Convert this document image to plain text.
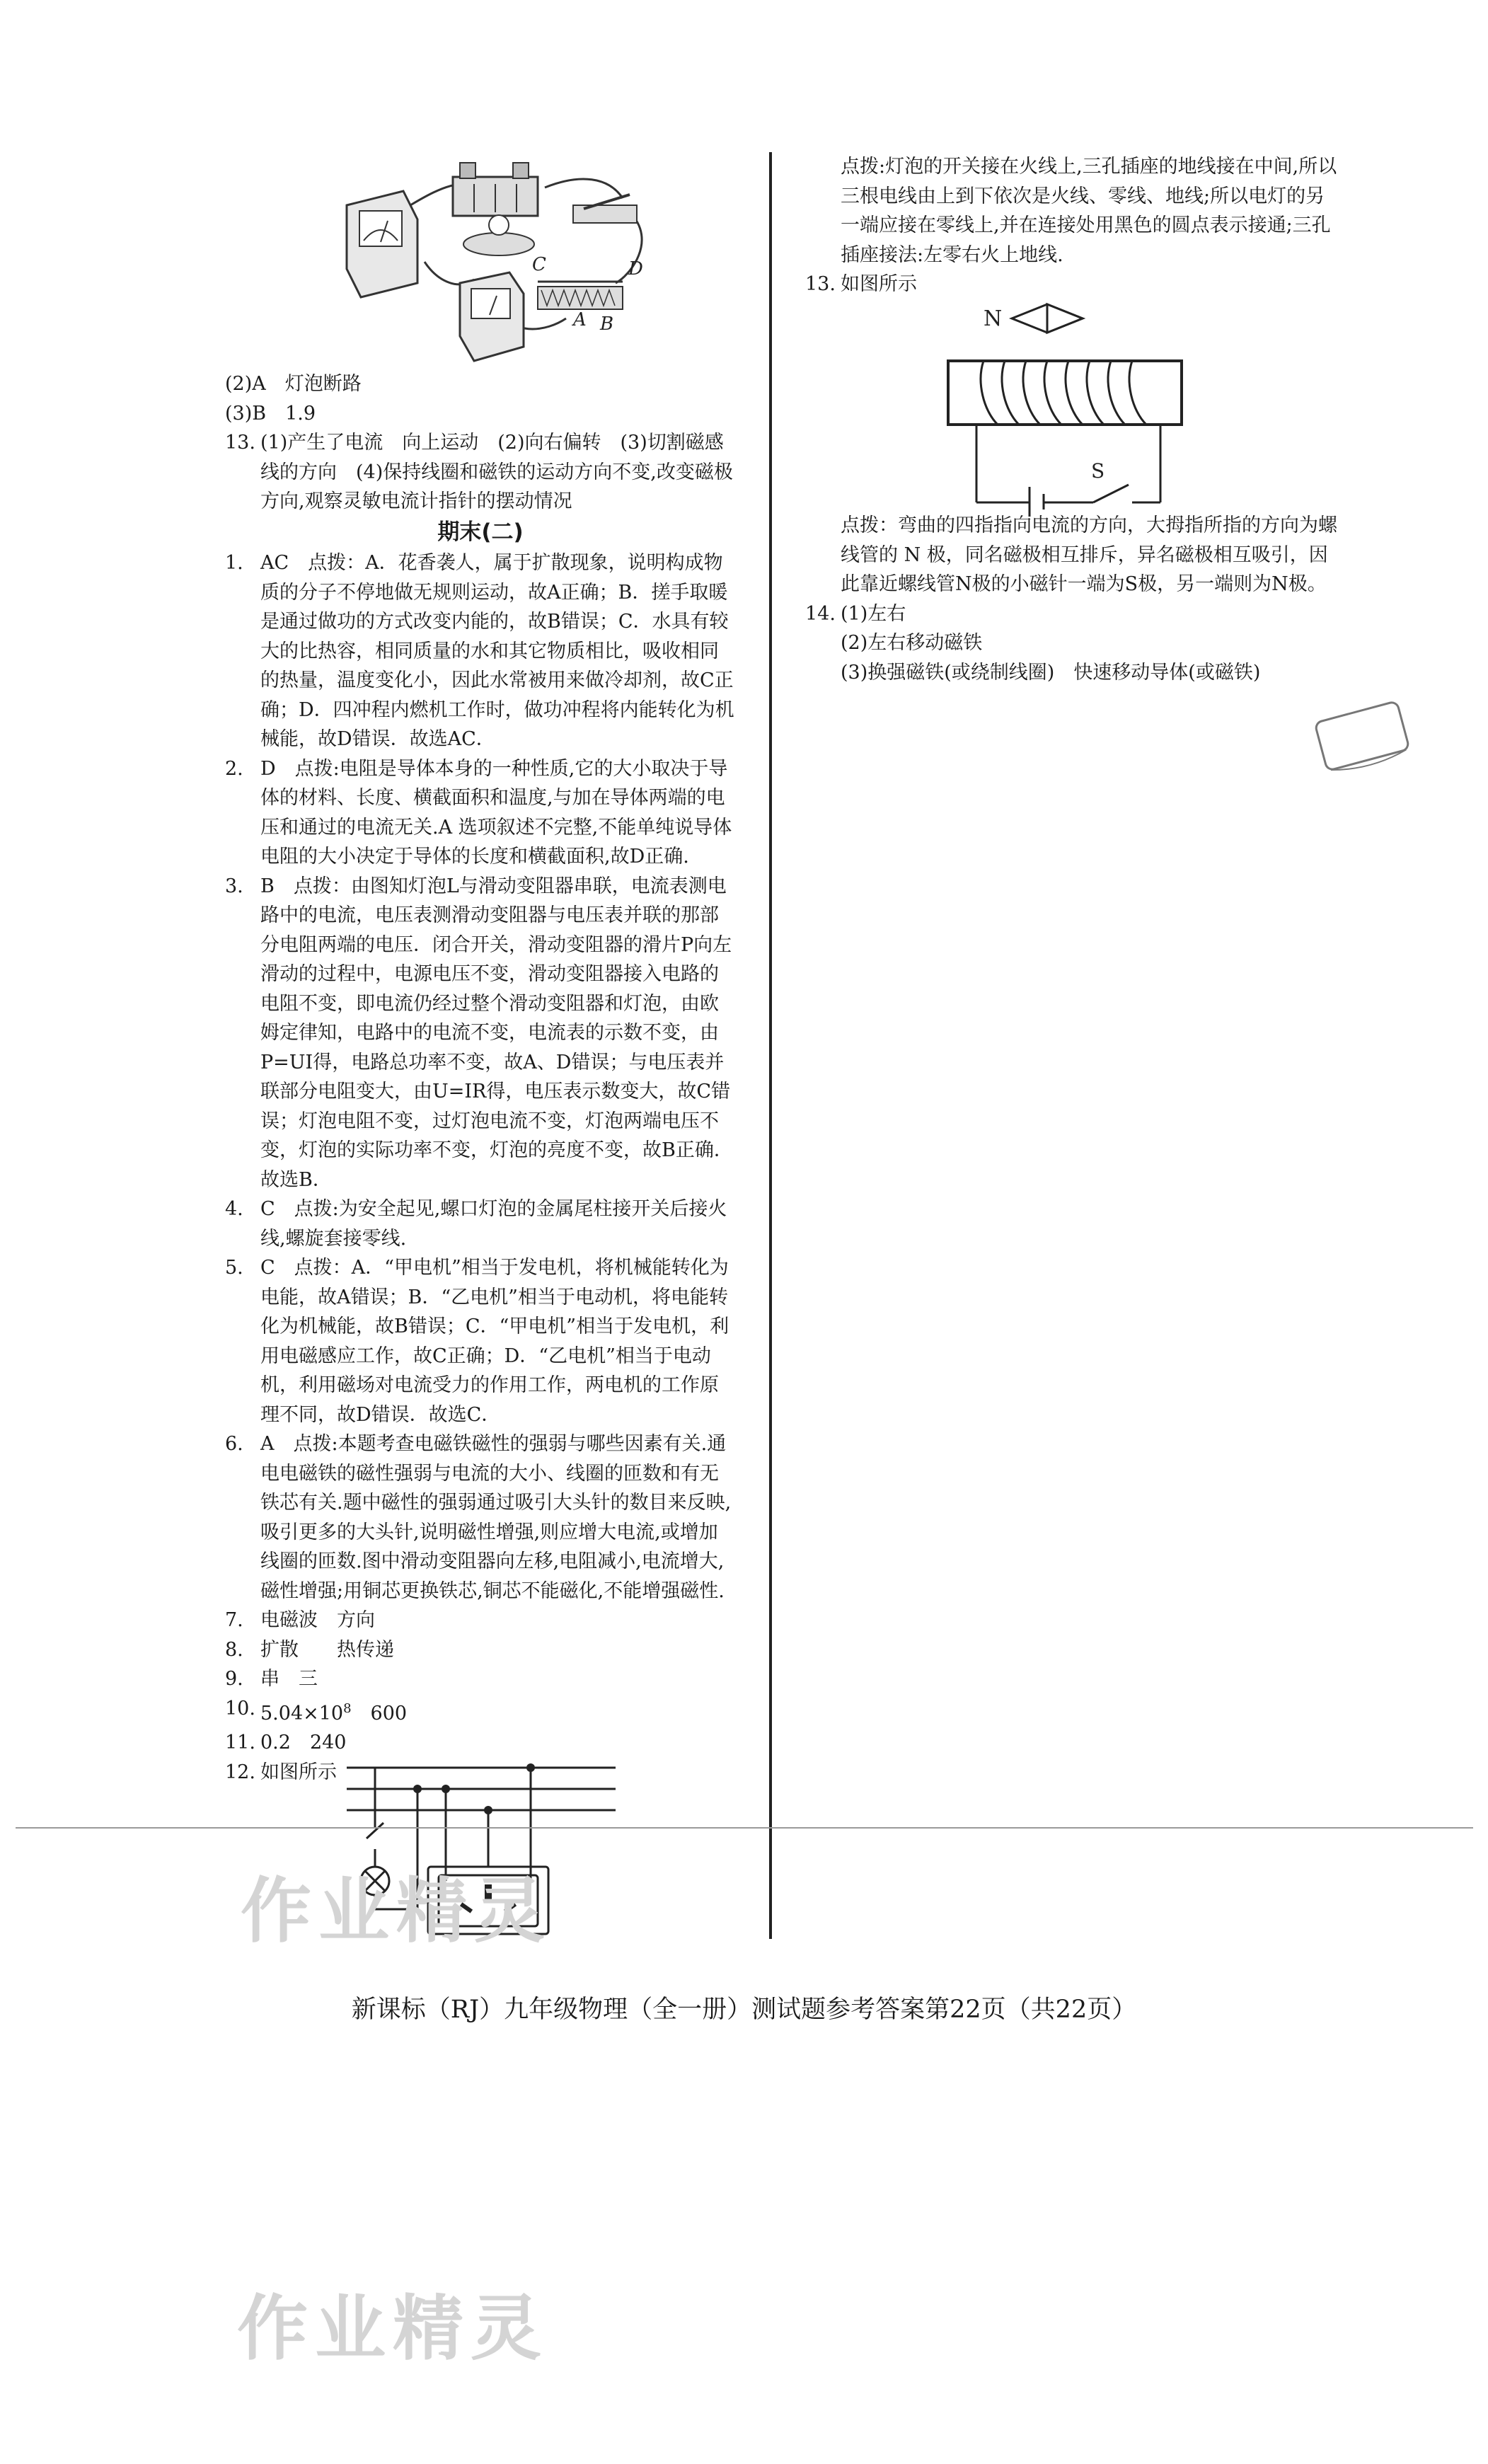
C	D
A B

(2)A　灯泡断路

(3)B　1.9

13. (1)产生了电流　向上运动　(2)向右偏转　(3)切割磁感线的方向　(4)保持线圈和磁铁的运动方向不变,改变磁极方向,观察灵敏电流计指针的摆动情况
期末(二)
1. AC　点拨：A．花香袭人，属于扩散现象，说明构成物质的分子不停地做无规则运动，故A正确；B．搓手取暖是通过做功的方式改变内能的，故B错误；C．水具有较大的比热容，相同质量的水和其它物质相比，吸收相同的热量，温度变化小，因此水常被用来做冷却剂，故C正确；D．四冲程内燃机工作时，做功冲程将内能转化为机械能，故D错误．故选AC．
2. D　点拨:电阻是导体本身的一种性质,它的大小取决于导体的材料、长度、横截面积和温度,与加在导体两端的电压和通过的电流无关.A 选项叙述不完整,不能单纯说导体电阻的大小决定于导体的长度和横截面积,故D正确.
3. B　点拨：由图知灯泡L与滑动变阻器串联，电流表测电路中的电流，电压表测滑动变阻器与电压表并联的那部分电阻两端的电压．闭合开关，滑动变阻器的滑片P向左滑动的过程中，电源电压不变，滑动变阻器接入电路的电阻不变，即电流仍经过整个滑动变阻器和灯泡，由欧姆定律知，电路中的电流不变，电流表的示数不变，由P=UI得，电路总功率不变，故A、D错误；与电压表并联部分电阻变大，由U=IR得，电压表示数变大，故C错误；灯泡电阻不变，过灯泡电流不变，灯泡两端电压不变，灯泡的实际功率不变，灯泡的亮度不变，故B正确．故选B．
4. C　点拨:为安全起见,螺口灯泡的金属尾柱接开关后接火线,螺旋套接零线.
5. C　点拨：A．“甲电机”相当于发电机，将机械能转化为电能，故A错误；B．“乙电机”相当于电动机，将电能转化为机械能，故B错误；C．“甲电机”相当于发电机，利用电磁感应工作，故C正确；D．“乙电机”相当于电动机，利用磁场对电流受力的作用工作，两电机的工作原理不同，故D错误．故选C．
6. A　点拨:本题考查电磁铁磁性的强弱与哪些因素有关.通电电磁铁的磁性强弱与电流的大小、线圈的匝数和有无铁芯有关.题中磁性的强弱通过吸引大头针的数目来反映,吸引更多的大头针,说明磁性增强,则应增大电流,或增加线圈的匝数.图中滑动变阻器向左移,电阻减小,电流增大,磁性增强;用铜芯更换铁芯,铜芯不能磁化,不能增强磁性.
7. 电磁波　方向
8. 扩散　　热传递
9. 串　三
10. $5.04\times 10^8$　600
11. 0.2　240
12. 如图所示

点拨:灯泡的开关接在火线上,三孔插座的地线接在中间,所以三根电线由上到下依次是火线、零线、地线;所以电灯的另一端应接在零线上,并在连接处用黑色的圆点表示接通;三孔插座接法:左零右火上地线.

13. 如图所示
N
S

点拨：弯曲的四指指向电流的方向，大拇指所指的方向为螺线管的 N 极，同名磁极相互排斥，异名磁极相互吸引，因此靠近螺线管N极的小磁针一端为S极，另一端则为N极。

14. (1)左右

(2)左右移动磁铁

(3)换强磁铁(或绕制线圈)　快速移动导体(或磁铁)

作业精灵
作业精灵
新课标（RJ）九年级物理（全一册）测试题参考答案第22页（共22页）
